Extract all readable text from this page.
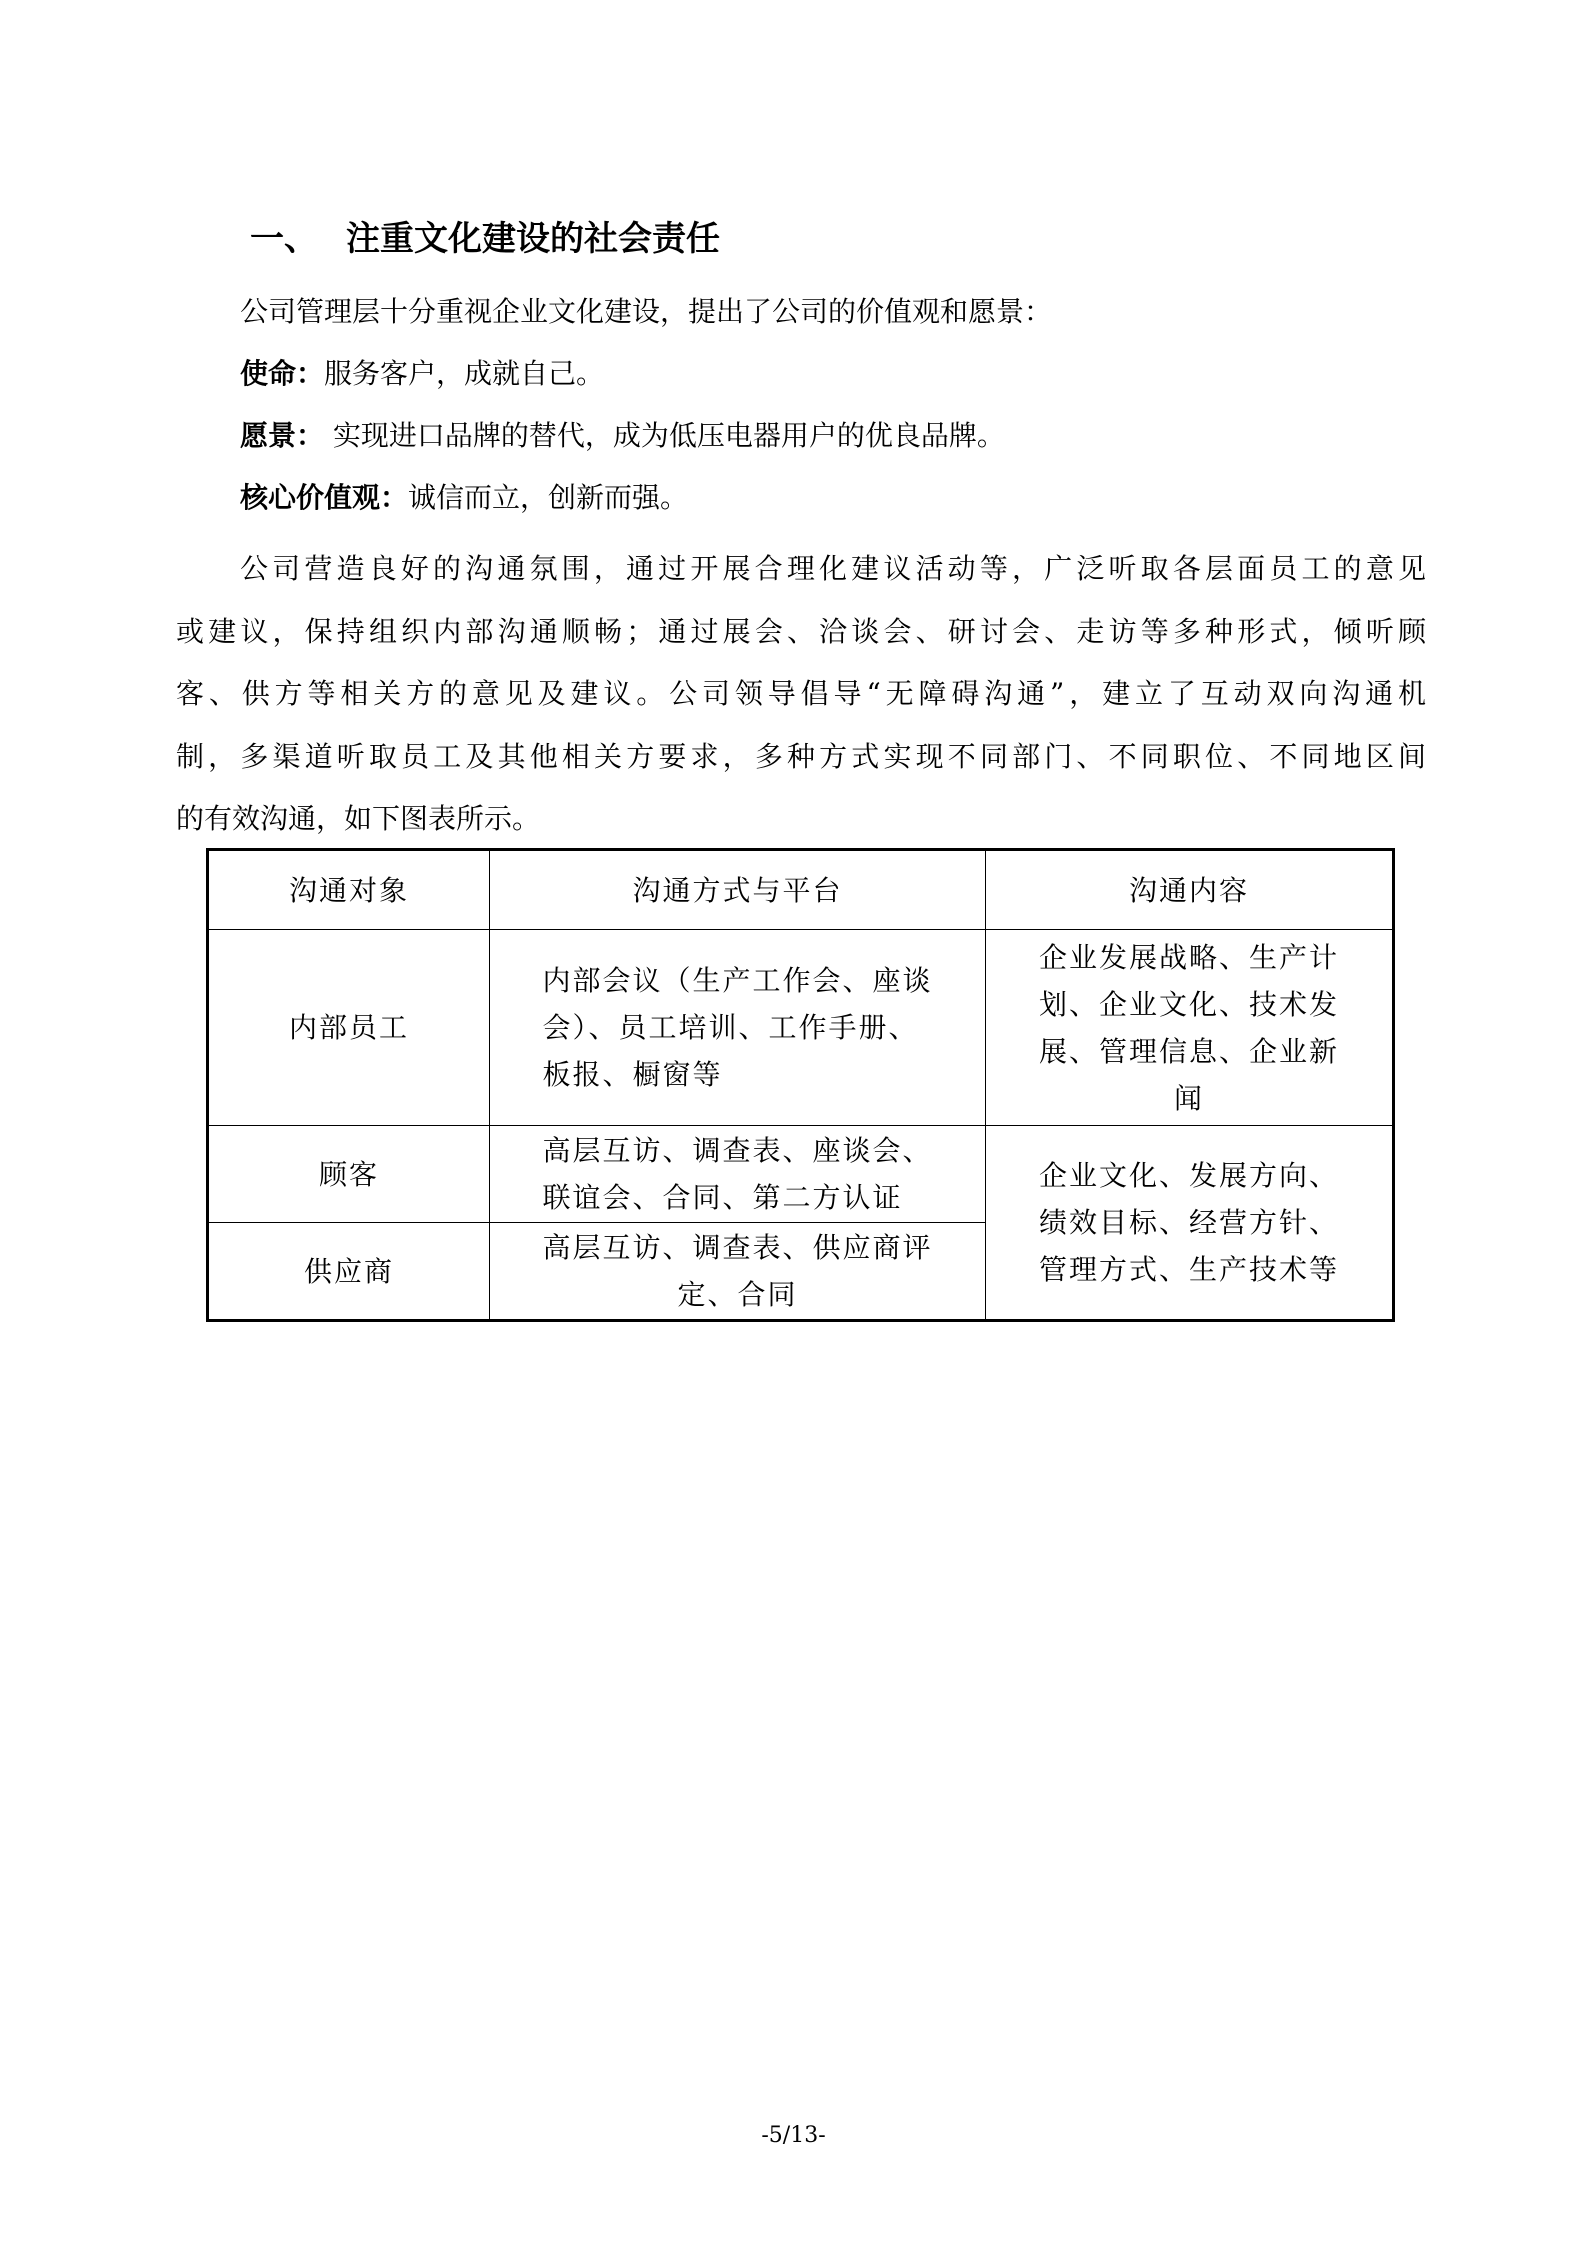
一、 注重文化建设的社会责任
公司管理层十分重视企业文化建设，提出了公司的价值观和愿景：
使命：服务客户，成就自己。
愿景： 实现进口品牌的替代，成为低压电器用户的优良品牌。
核心价值观：诚信而立，创新而强。
公司营造良好的沟通氛围，通过开展合理化建议活动等，广泛听取各层面员工的意见
或建议，保持组织内部沟通顺畅；通过展会、洽谈会、研讨会、走访等多种形式，倾听顾
客、供方等相关方的意见及建议。公司领导倡导“无障碍沟通”，建立了互动双向沟通机
制，多渠道听取员工及其他相关方要求，多种方式实现不同部门、不同职位、不同地区间
的有效沟通，如下图表所示。
沟通对象	沟通方式与平台	沟通内容
内部员工	内部会议（生产工作会、座谈
会）、员工培训、工作手册、
板报、橱窗等	企业发展战略、生产计
划、企业文化、技术发
展、管理信息、企业新
闻
顾客	高层互访、调查表、座谈会、
联谊会、合同、第二方认证	企业文化、发展方向、
绩效目标、经营方针、
管理方式、生产技术等
供应商	高层互访、调查表、供应商评
定、合同	
-5/13-
